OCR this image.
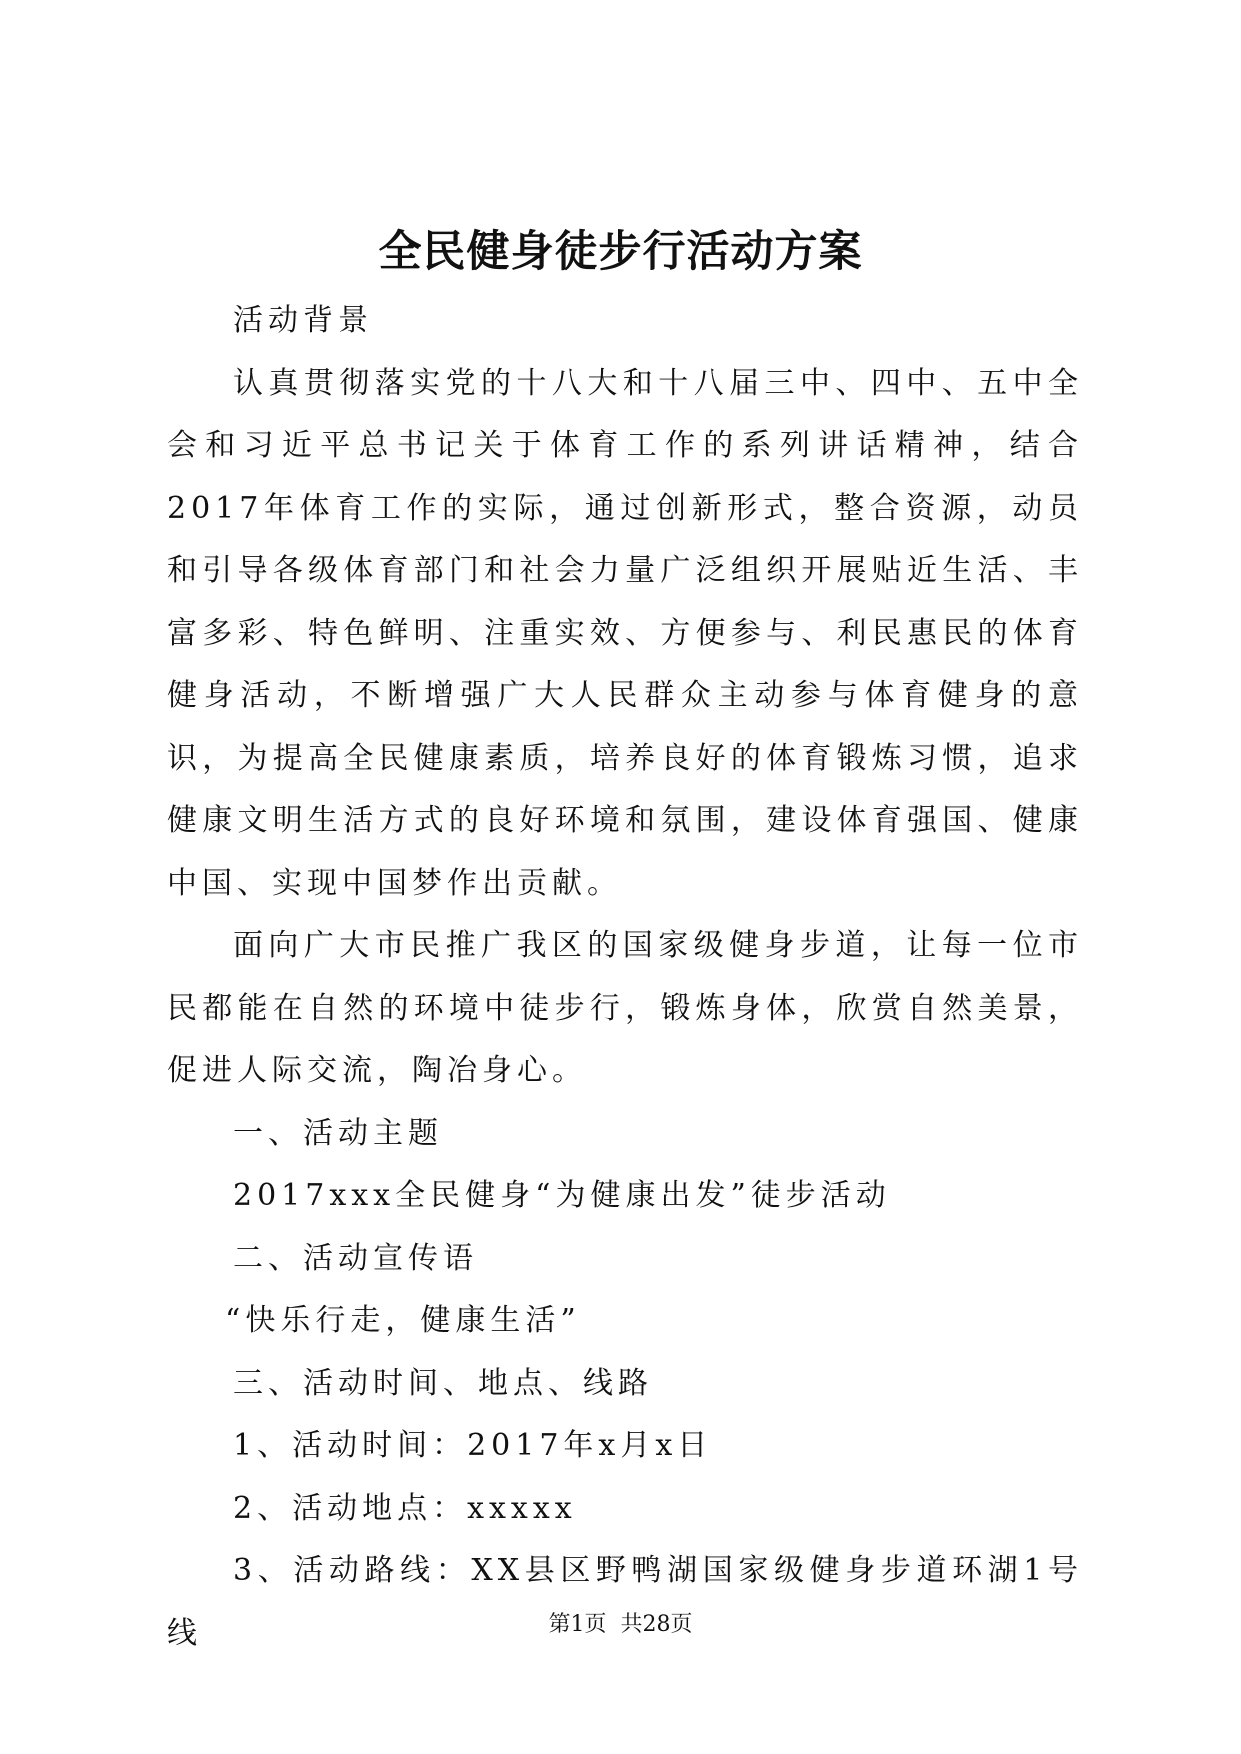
全民健身徒步行活动方案

活动背景

认真贯彻落实党的十八大和十八届三中、四中、五中全会和习近平总书记关于体育工作的系列讲话精神，结合2017年体育工作的实际，通过创新形式，整合资源，动员和引导各级体育部门和社会力量广泛组织开展贴近生活、丰富多彩、特色鲜明、注重实效、方便参与、利民惠民的体育健身活动，不断增强广大人民群众主动参与体育健身的意识，为提高全民健康素质，培养良好的体育锻炼习惯，追求健康文明生活方式的良好环境和氛围，建设体育强国、健康中国、实现中国梦作出贡献。

面向广大市民推广我区的国家级健身步道，让每一位市民都能在自然的环境中徒步行，锻炼身体，欣赏自然美景，促进人际交流，陶冶身心。

一、活动主题

2017xxx全民健身“为健康出发”徒步活动

二、活动宣传语

“快乐行走，健康生活”

三、活动时间、地点、线路

1、活动时间：2017年x月x日

2、活动地点：xxxxx

3、活动路线：XX县区野鸭湖国家级健身步道环湖1号线	第1页  共28页
